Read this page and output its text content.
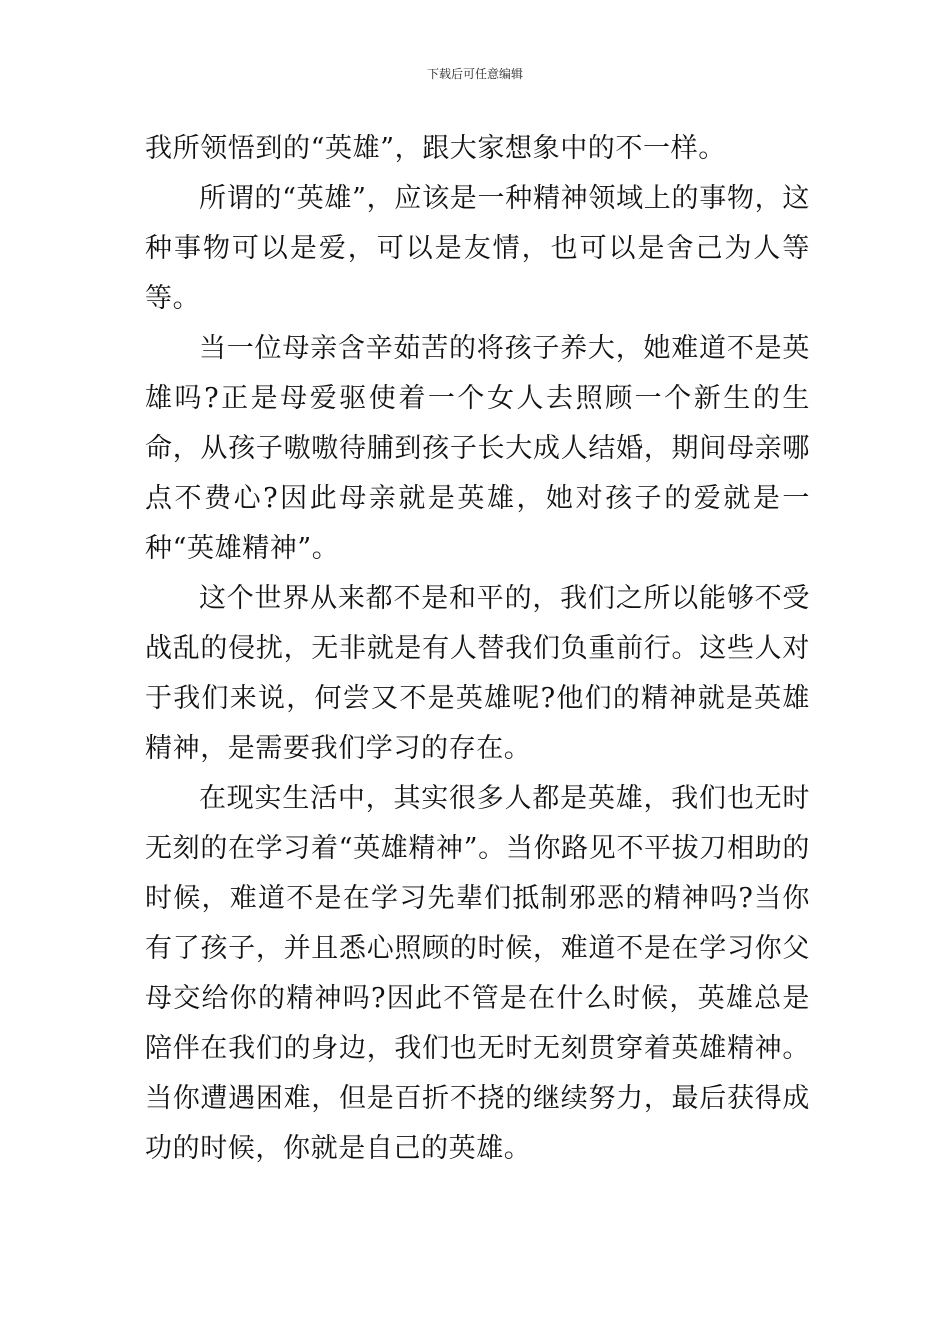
下载后可任意编辑

我所领悟到的“英雄”，跟大家想象中的不一样。

所谓的“英雄”，应该是一种精神领域上的事物，这种事物可以是爱，可以是友情，也可以是舍己为人等等。

当一位母亲含辛茹苦的将孩子养大，她难道不是英雄吗?正是母爱驱使着一个女人去照顾一个新生的生命，从孩子嗷嗷待脯到孩子长大成人结婚，期间母亲哪点不费心?因此母亲就是英雄，她对孩子的爱就是一种“英雄精神”。

这个世界从来都不是和平的，我们之所以能够不受战乱的侵扰，无非就是有人替我们负重前行。这些人对于我们来说，何尝又不是英雄呢?他们的精神就是英雄精神，是需要我们学习的存在。

在现实生活中，其实很多人都是英雄，我们也无时无刻的在学习着“英雄精神”。当你路见不平拔刀相助的时候，难道不是在学习先辈们抵制邪恶的精神吗?当你有了孩子，并且悉心照顾的时候，难道不是在学习你父母交给你的精神吗?因此不管是在什么时候，英雄总是陪伴在我们的身边，我们也无时无刻贯穿着英雄精神。当你遭遇困难，但是百折不挠的继续努力，最后获得成功的时候，你就是自己的英雄。
